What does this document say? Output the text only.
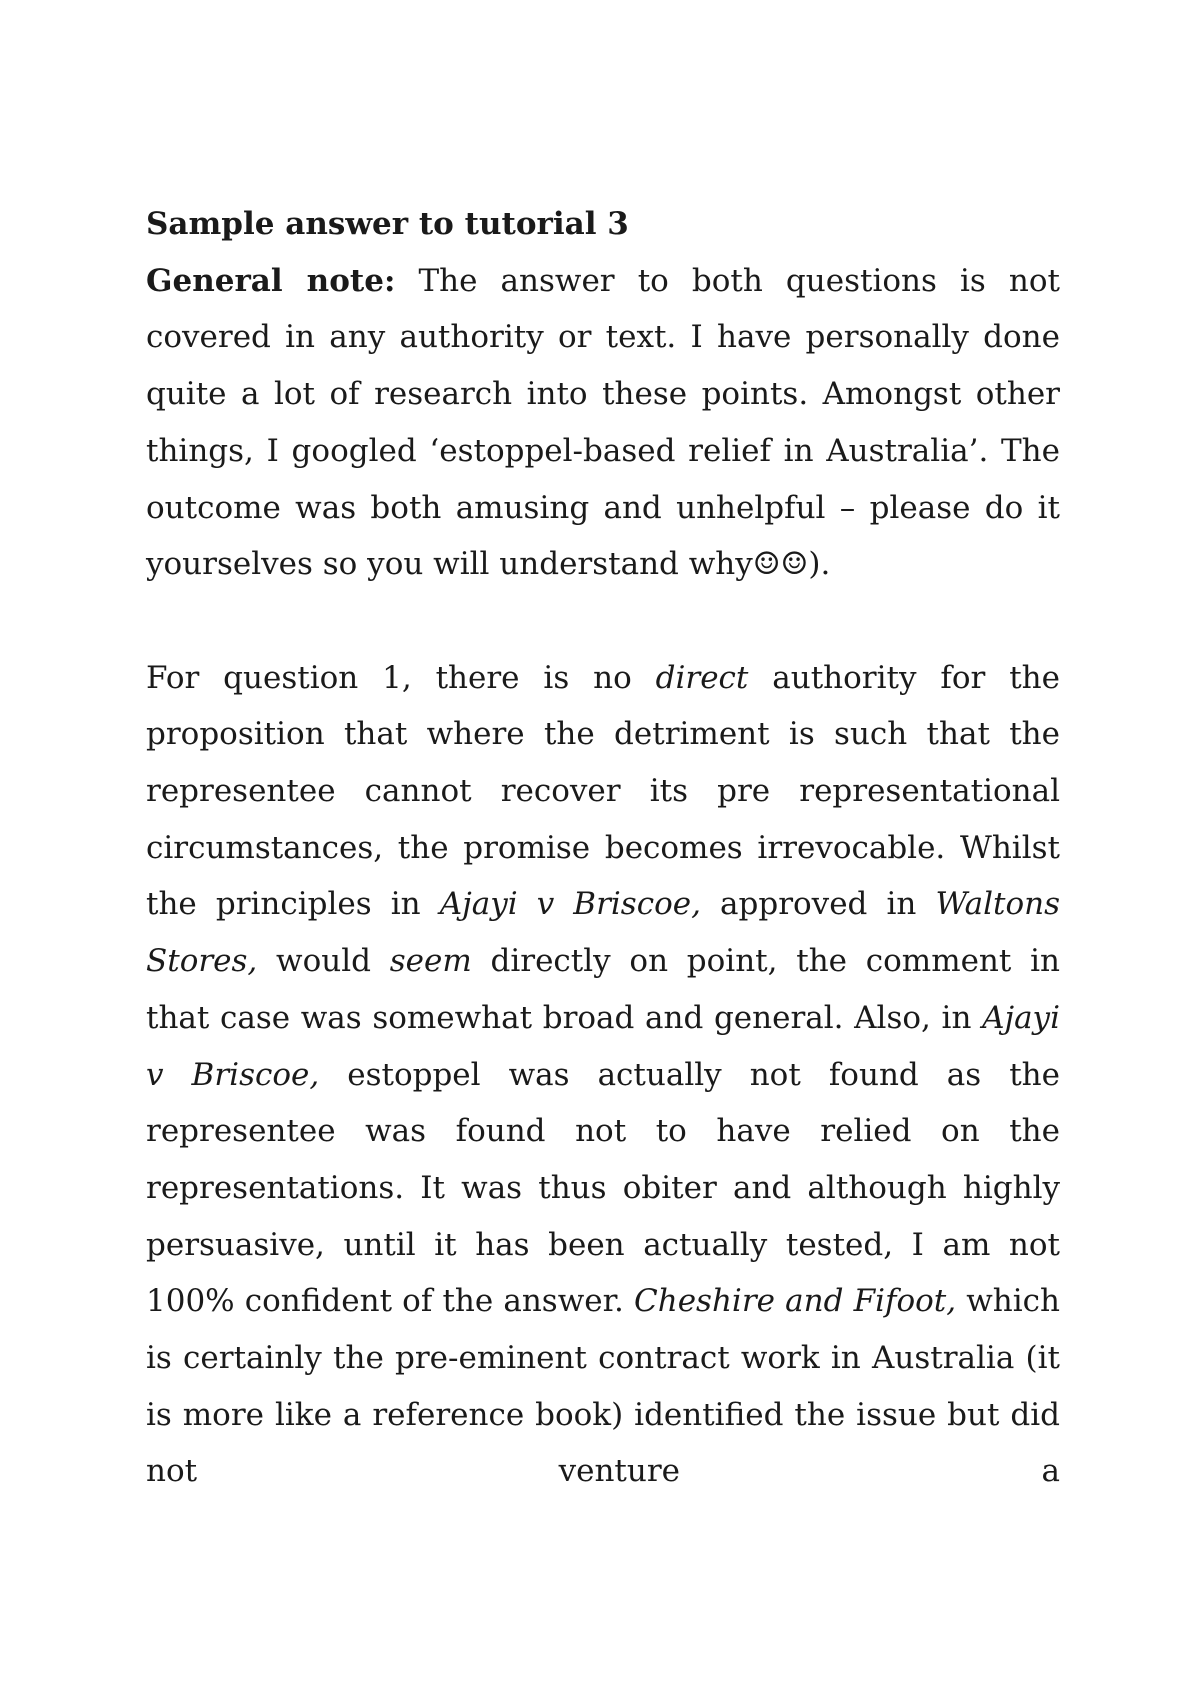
Sample answer to tutorial 3

General note: The answer to both questions is not covered in any authority or text. I have personally done quite a lot of research into these points. Amongst other things, I googled ‘estoppel-based relief in Australia’. The outcome was both amusing and unhelpful – please do it yourselves so you will understand why☺☺).

For question 1, there is no direct authority for the proposition that where the detriment is such that the representee cannot recover its pre representational circumstances, the promise becomes irrevocable. Whilst the principles in Ajayi v Briscoe, approved in Waltons Stores, would seem directly on point, the comment in that case was somewhat broad and general. Also, in Ajayi v Briscoe, estoppel was actually not found as the representee was found not to have relied on the representations. It was thus obiter and although highly persuasive, until it has been actually tested, I am not 100% confident of the answer. Cheshire and Fifoot, which is certainly the pre-eminent contract work in Australia (it is more like a reference book) identified the issue but did not venture a
